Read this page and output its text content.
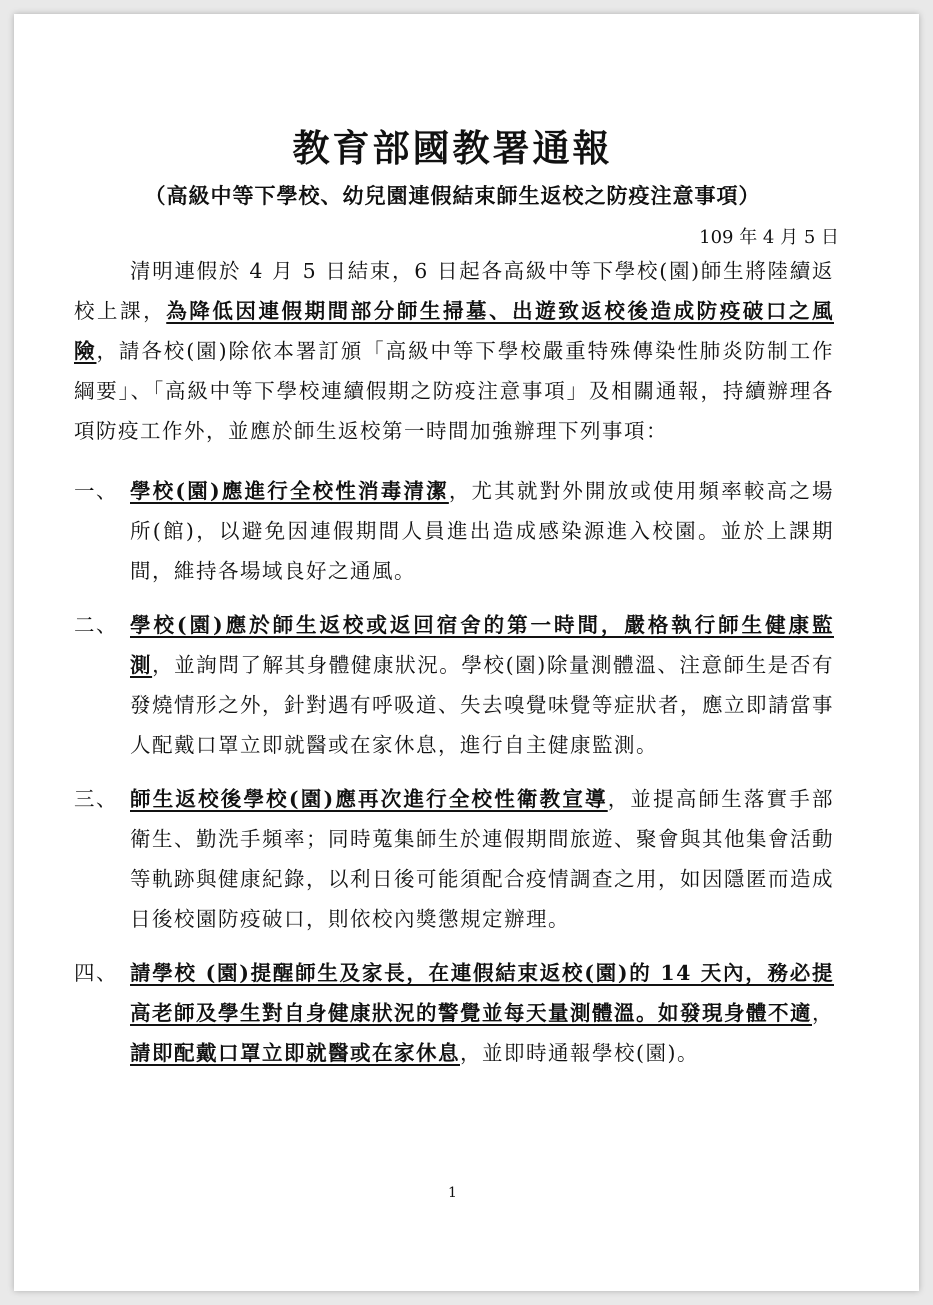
教育部國教署通報
（高級中等下學校、幼兒園連假結束師生返校之防疫注意事項）
109 年 4 月 5 日

清明連假於 4 月 5 日結束，6 日起各高級中等下學校(園)師生將陸續返校上課，為降低因連假期間部分師生掃墓、出遊致返校後造成防疫破口之風險，請各校(園)除依本署訂頒「高級中等下學校嚴重特殊傳染性肺炎防制工作綱要」、「高級中等下學校連續假期之防疫注意事項」及相關通報，持續辦理各項防疫工作外，並應於師生返校第一時間加強辦理下列事項：

一、 學校(園)應進行全校性消毒清潔，尤其就對外開放或使用頻率較高之場所(館)，以避免因連假期間人員進出造成感染源進入校園。並於上課期間，維持各場域良好之通風。

二、 學校(園)應於師生返校或返回宿舍的第一時間，嚴格執行師生健康監測，並詢問了解其身體健康狀況。學校(園)除量測體溫、注意師生是否有發燒情形之外，針對遇有呼吸道、失去嗅覺味覺等症狀者，應立即請當事人配戴口罩立即就醫或在家休息，進行自主健康監測。

三、 師生返校後學校(園)應再次進行全校性衛教宣導，並提高師生落實手部衛生、勤洗手頻率；同時蒐集師生於連假期間旅遊、聚會與其他集會活動等軌跡與健康紀錄，以利日後可能須配合疫情調查之用，如因隱匿而造成日後校園防疫破口，則依校內獎懲規定辦理。

四、 請學校 (園)提醒師生及家長，在連假結束返校(園)的 14 天內，務必提高老師及學生對自身健康狀況的警覺並每天量測體溫。如發現身體不適，請即配戴口罩立即就醫或在家休息，並即時通報學校(園)。

1
